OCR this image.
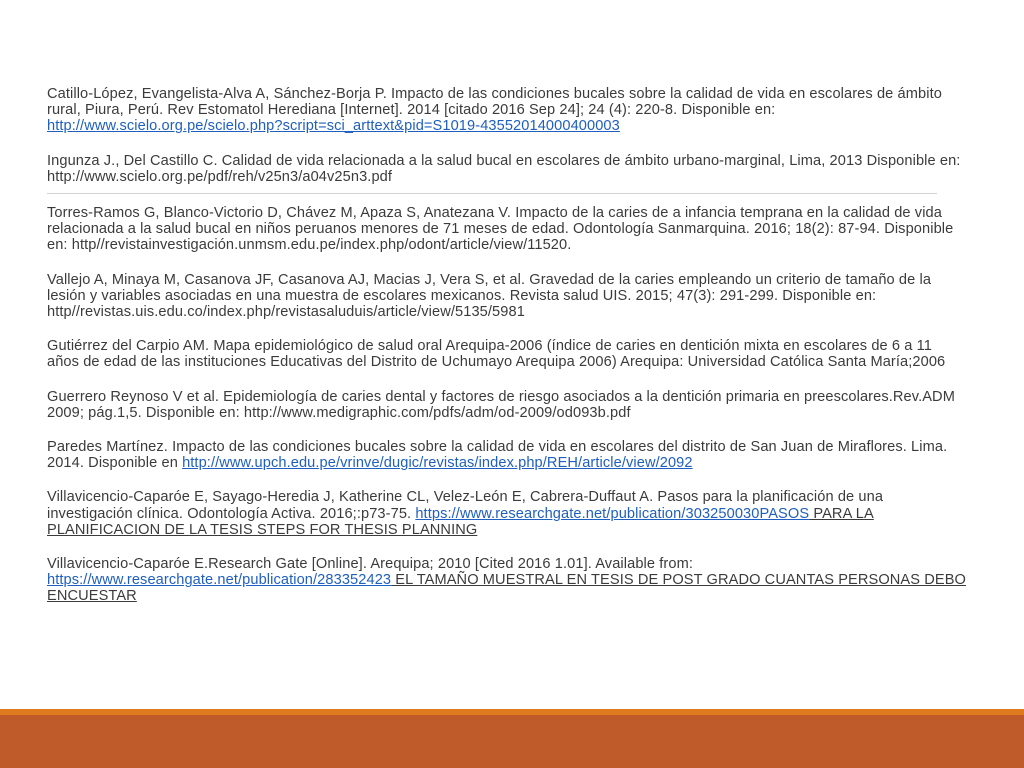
Catillo-López, Evangelista-Alva A, Sánchez-Borja P. Impacto de las condiciones bucales sobre la calidad de vida en escolares de ámbito rural, Piura, Perú. Rev Estomatol Herediana [Internet]. 2014 [citado 2016 Sep 24]; 24 (4): 220-8. Disponible en: http://www.scielo.org.pe/scielo.php?script=sci_arttext&pid=S1019-43552014000400003

Ingunza J., Del Castillo C. Calidad de vida relacionada a la salud bucal en escolares de ámbito urbano-marginal, Lima, 2013 Disponible en: http://www.scielo.org.pe/pdf/reh/v25n3/a04v25n3.pdf

Torres-Ramos G, Blanco-Victorio D, Chávez M, Apaza S, Anatezana V. Impacto de la caries de a infancia temprana en la calidad de vida relacionada a la salud bucal en niños peruanos menores de 71 meses de edad. Odontología Sanmarquina. 2016; 18(2): 87-94. Disponible en: http//revistainvestigación.unmsm.edu.pe/index.php/odont/article/view/11520.

Vallejo A, Minaya M, Casanova JF, Casanova AJ, Macias J, Vera S, et al. Gravedad de la caries empleando un criterio de tamaño de la lesión y variables asociadas en una muestra de escolares mexicanos. Revista salud UIS. 2015; 47(3): 291-299. Disponible en: http//revistas.uis.edu.co/index.php/revistasaluduis/article/view/5135/5981

Gutiérrez del Carpio AM. Mapa epidemiológico de salud oral Arequipa-2006 (índice de caries en dentición mixta en escolares de 6 a 11 años de edad de las instituciones Educativas del Distrito de Uchumayo Arequipa 2006) Arequipa: Universidad Católica Santa María;2006

Guerrero Reynoso V et al. Epidemiología de caries dental y factores de riesgo asociados a la dentición primaria en preescolares.Rev.ADM 2009; pág.1,5. Disponible en: http://www.medigraphic.com/pdfs/adm/od-2009/od093b.pdf

Paredes Martínez. Impacto de las condiciones bucales sobre la calidad de vida en escolares del distrito de San Juan de Miraflores. Lima. 2014. Disponible en http://www.upch.edu.pe/vrinve/dugic/revistas/index.php/REH/article/view/2092

Villavicencio-Caparóe E, Sayago-Heredia J, Katherine CL, Velez-León E, Cabrera-Duffaut A. Pasos para la planificación de una investigación clínica. Odontología Activa. 2016;:p73-75. https://www.researchgate.net/publication/303250030PASOS PARA LA PLANIFICACION DE LA TESIS STEPS FOR THESIS PLANNING

Villavicencio-Caparóe E.Research Gate [Online]. Arequipa; 2010 [Cited 2016 1.01]. Available from: https://www.researchgate.net/publication/283352423 EL TAMAÑO MUESTRAL EN TESIS DE POST GRADO CUANTAS PERSONAS DEBO ENCUESTAR
